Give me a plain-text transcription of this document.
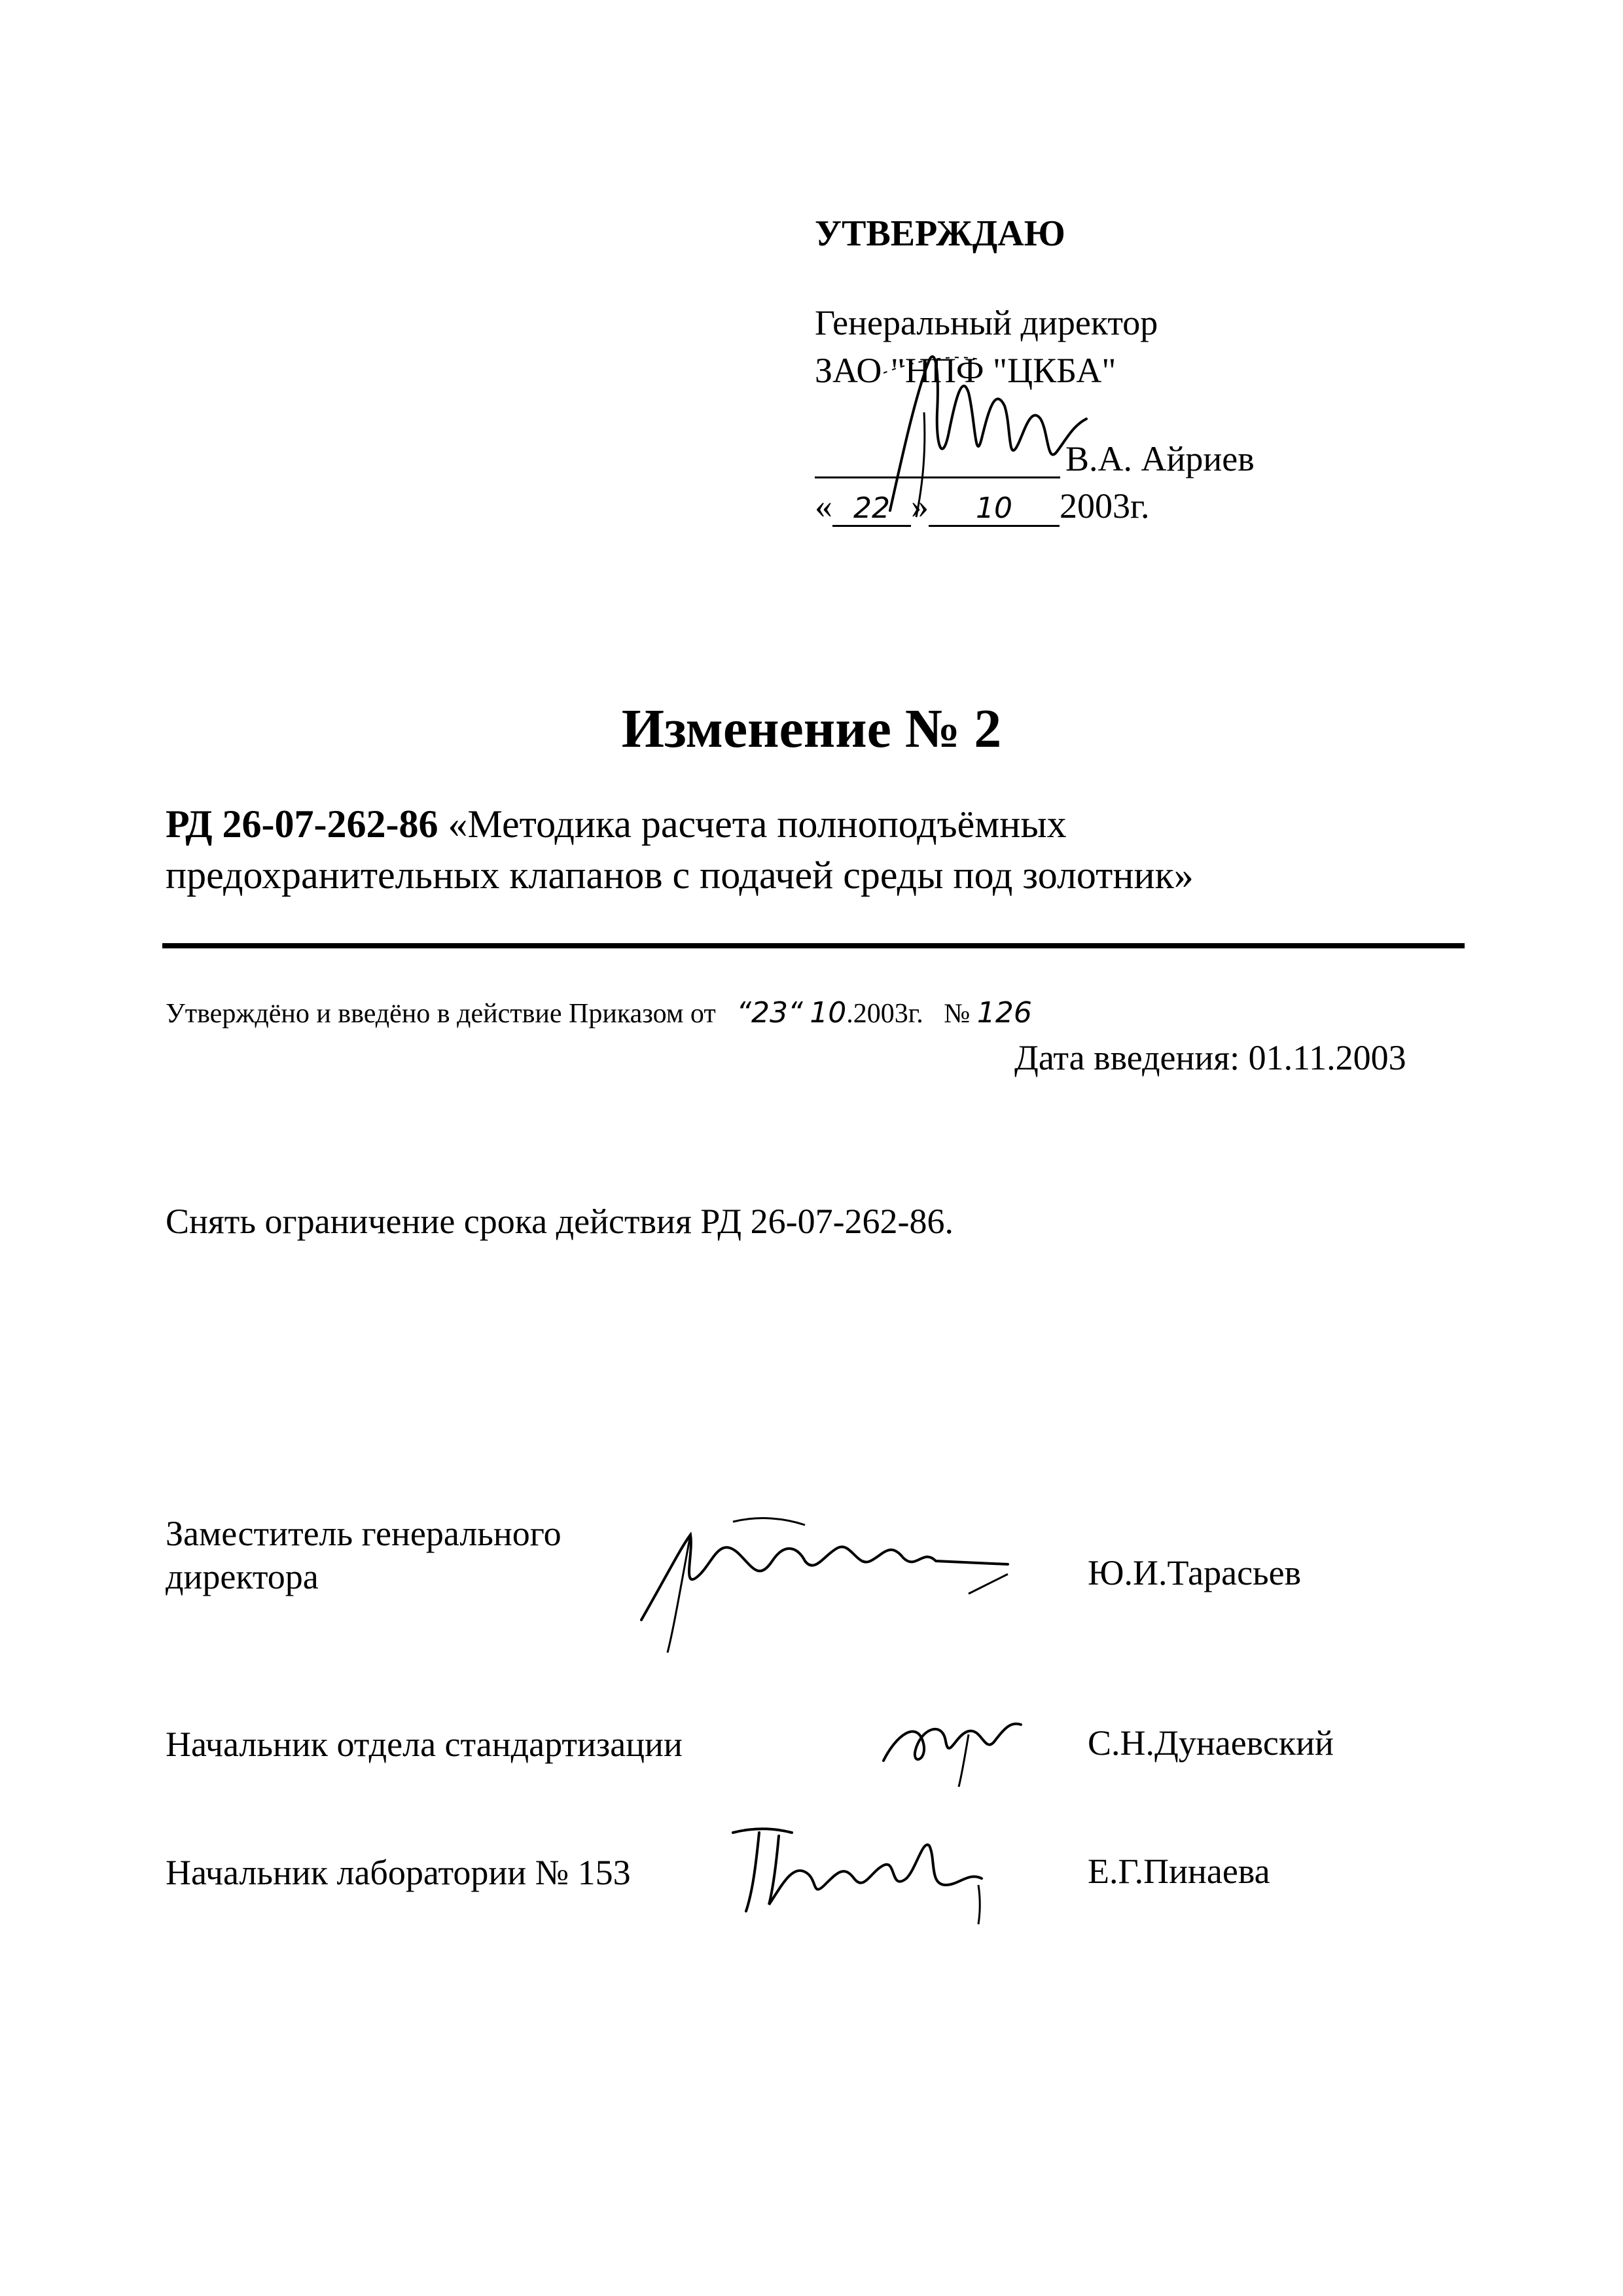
УТВЕРЖДАЮ
Генеральный директор
ЗАО "НПФ "ЦКБА"
В.А. Айриев
« 22 » 10 2003г.
Изменение № 2
РД 26-07-262-86 «Методика расчета полноподъёмных
предохранительных клапанов с подачей среды под золотник»
Утверждёно и введёно в действие Приказом от “23“ 10.2003г. № 126
Дата введения: 01.11.2003
Снять ограничение срока действия РД 26-07-262-86.
Заместитель генерального
директора	Ю.И.Тарасьев
Начальник отдела стандартизации	С.Н.Дунаевский
Начальник лаборатории № 153	Е.Г.Пинаева
